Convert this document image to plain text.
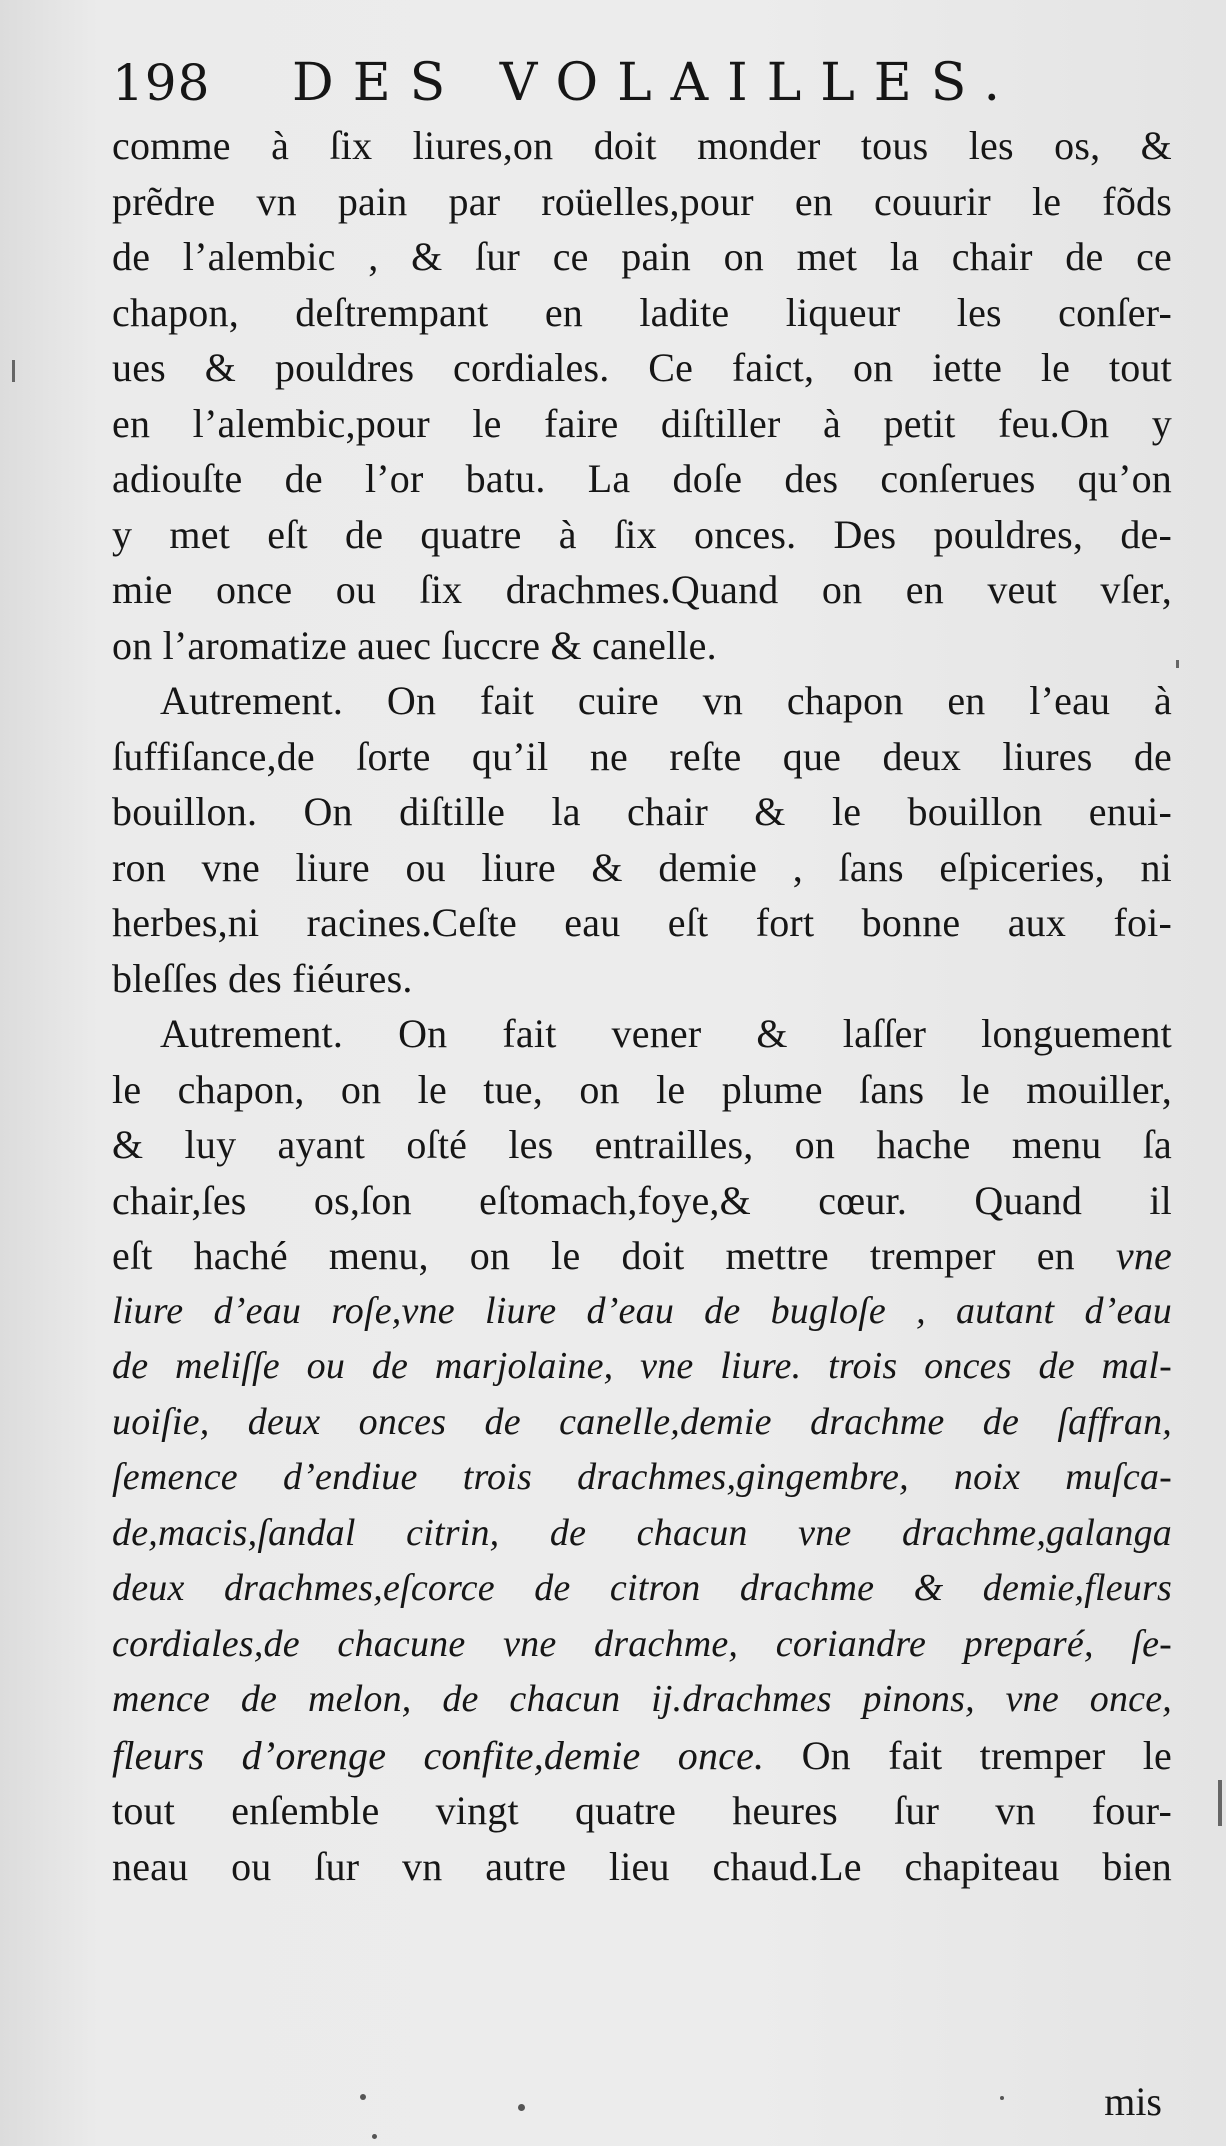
198 DES VOLAILLES.
comme à ſix liures,on doit monder tous les os, &
prẽdre vn pain par roüelles,pour en couurir le fõds
de l’alembic , & ſur ce pain on met la chair de ce
chapon, deſtrempant en ladite liqueur les conſer-
ues & pouldres cordiales. Ce faict, on iette le tout
en l’alembic,pour le faire diſtiller à petit feu.On y
adiouſte de l’or batu. La doſe des conſerues qu’on
y met eſt de quatre à ſix onces. Des pouldres, de-
mie once ou ſix drachmes.Quand on en veut vſer,
on l’aromatize auec ſuccre & canelle.
Autrement. On fait cuire vn chapon en l’eau à
ſuffiſance,de ſorte qu’il ne reſte que deux liures de
bouillon. On diſtille la chair & le bouillon enui-
ron vne liure ou liure & demie , ſans eſpiceries, ni
herbes,ni racines.Ceſte eau eſt fort bonne aux foi-
bleſſes des fiéures.
Autrement. On fait vener & laſſer longuement
le chapon, on le tue, on le plume ſans le mouiller,
& luy ayant oſté les entrailles, on hache menu ſa
chair,ſes os,ſon eſtomach,foye,& cœur. Quand il
eſt haché menu, on le doit mettre tremper en vne
liure d’eau roſe,vne liure d’eau de bugloſe , autant d’eau
de meliſſe ou de marjolaine, vne liure. trois onces de mal-
uoiſie, deux onces de canelle,demie drachme de ſaffran,
ſemence d’endiue trois drachmes,gingembre, noix muſca-
de,macis,ſandal citrin, de chacun vne drachme,galanga
deux drachmes,eſcorce de citron drachme & demie,fleurs
cordiales,de chacune vne drachme, coriandre preparé, ſe-
mence de melon, de chacun ij.drachmes pinons, vne once,
fleurs d’orenge confite,demie once. On fait tremper le
tout enſemble vingt quatre heures ſur vn four-
neau ou ſur vn autre lieu chaud.Le chapiteau bien
mis
